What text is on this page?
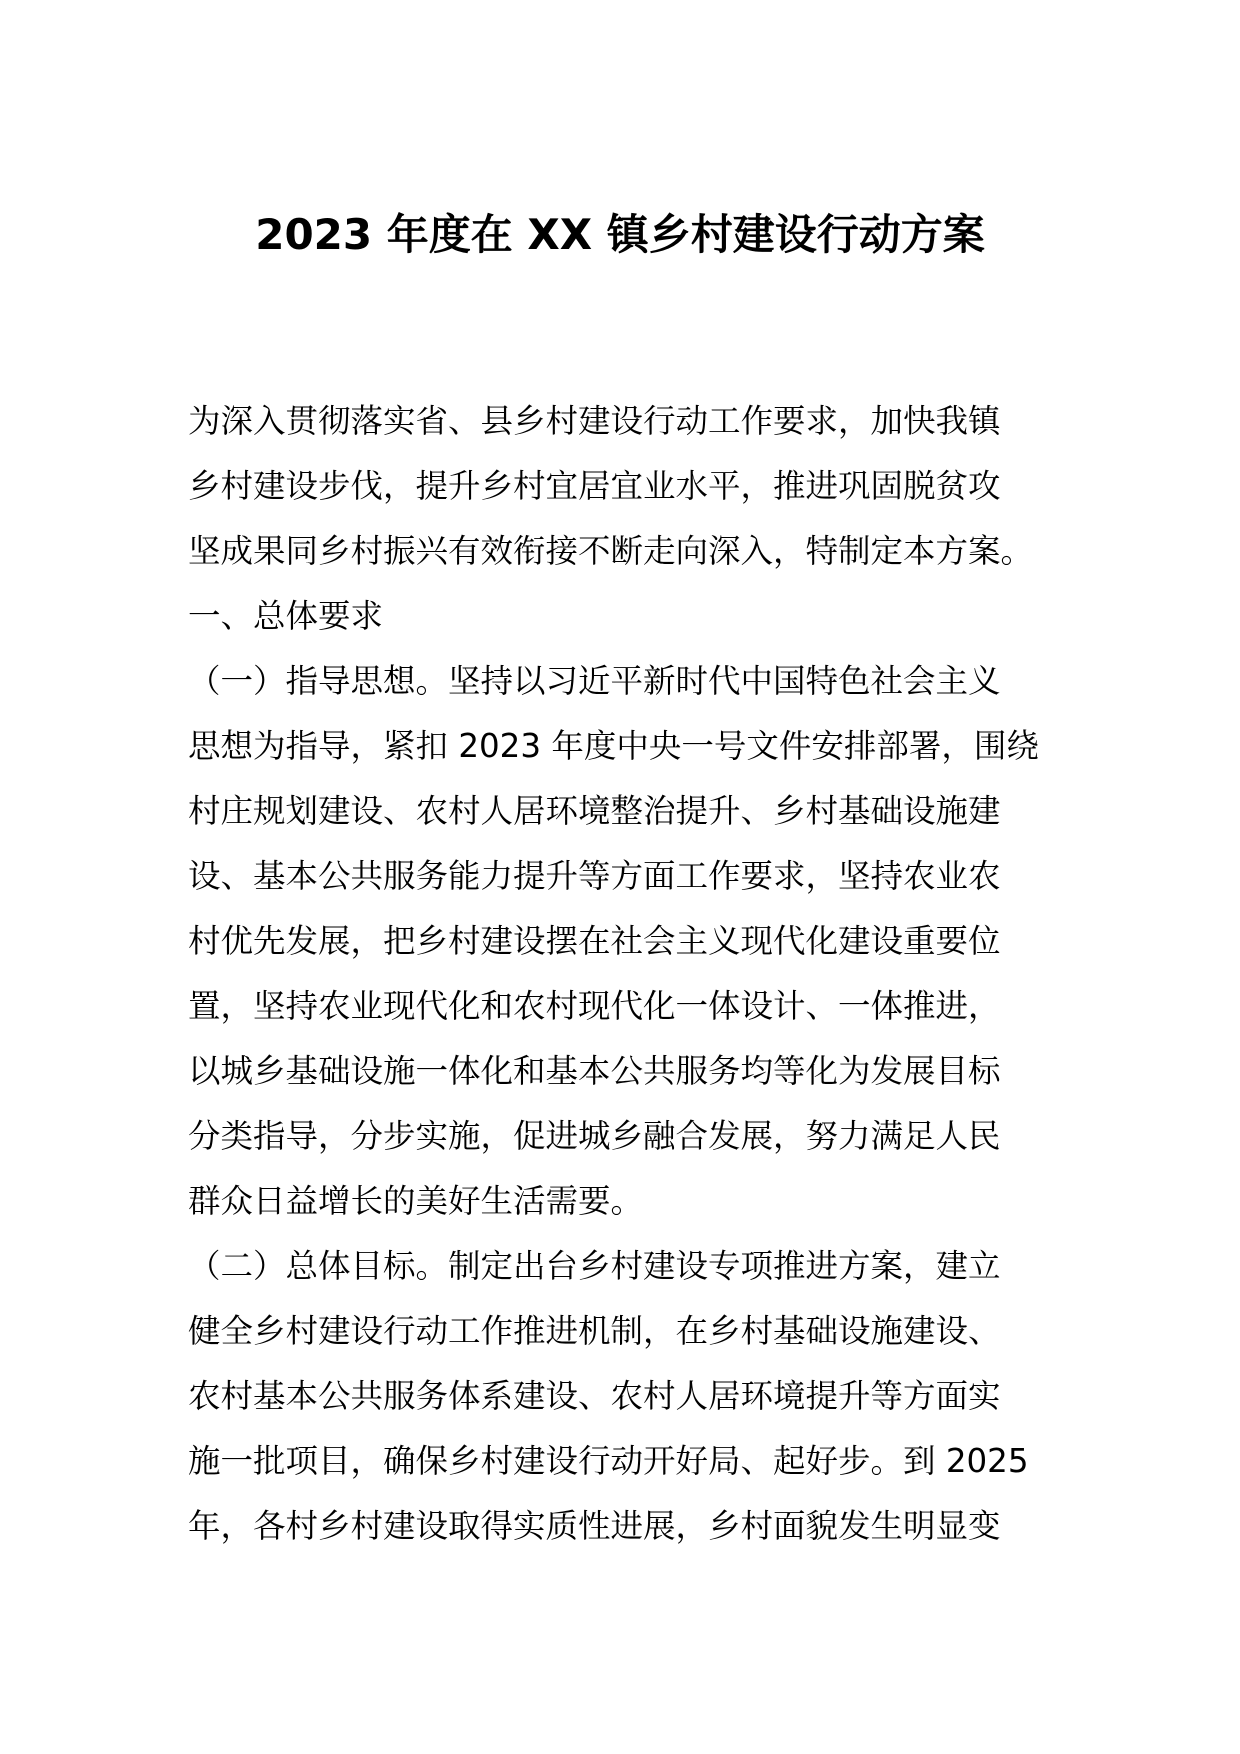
2023 年度在 XX 镇乡村建设行动方案
为深入贯彻落实省、县乡村建设行动工作要求，加快我镇
乡村建设步伐，提升乡村宜居宜业水平，推进巩固脱贫攻
坚成果同乡村振兴有效衔接不断走向深入，特制定本方案。
一、总体要求
（一）指导思想。坚持以习近平新时代中国特色社会主义
思想为指导，紧扣 2023 年度中央一号文件安排部署，围绕
村庄规划建设、农村人居环境整治提升、乡村基础设施建
设、基本公共服务能力提升等方面工作要求，坚持农业农
村优先发展，把乡村建设摆在社会主义现代化建设重要位
置，坚持农业现代化和农村现代化一体设计、一体推进，
以城乡基础设施一体化和基本公共服务均等化为发展目标
分类指导，分步实施，促进城乡融合发展，努力满足人民
群众日益增长的美好生活需要。
（二）总体目标。制定出台乡村建设专项推进方案，建立
健全乡村建设行动工作推进机制，在乡村基础设施建设、
农村基本公共服务体系建设、农村人居环境提升等方面实
施一批项目，确保乡村建设行动开好局、起好步。到 2025
年，各村乡村建设取得实质性进展，乡村面貌发生明显变
